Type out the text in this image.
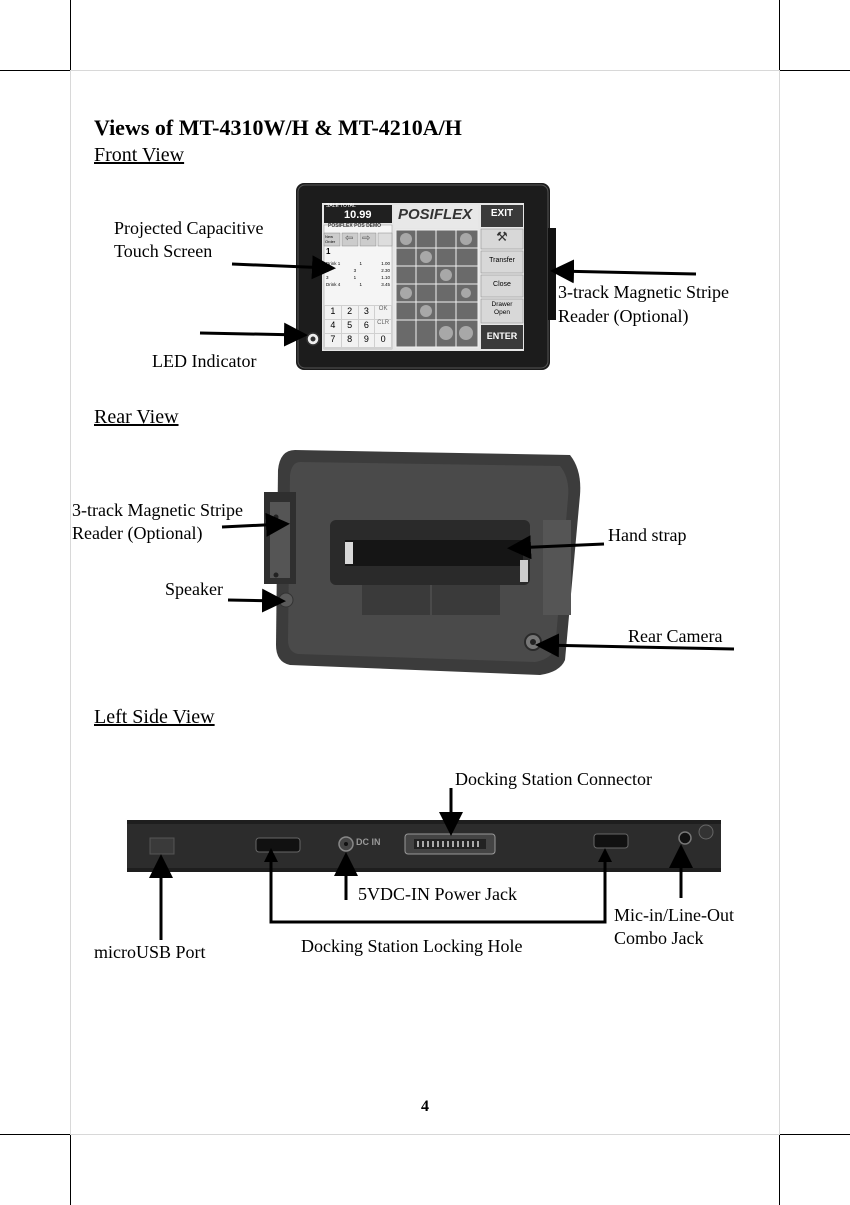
Views of MT-4310W/H & MT-4210A/H
Front View
Rear View
Left Side View
SALE TOTAL
10.99 POSIFLEX
POSIFLEX POS DEMO
New Order ⇦ ⇨
1
Drink 1	1	1.00
2	3	2.30
3	1	1.10
Drink 4	1	3.45
1	2	3	OK
4	5	6	CLR
7	8	9	0
EXIT
⚒
Transfer
Close
Drawer Open
ENTER
Projected Capacitive
Touch Screen
3-track Magnetic Stripe
Reader (Optional)
LED Indicator
3-track Magnetic Stripe
Reader (Optional)	Hand strap
Speaker
Rear Camera
DC IN
Docking Station Connector
5VDC-IN Power Jack
Mic-in/Line-Out
Combo Jack
microUSB Port	Docking Station Locking Hole
4
